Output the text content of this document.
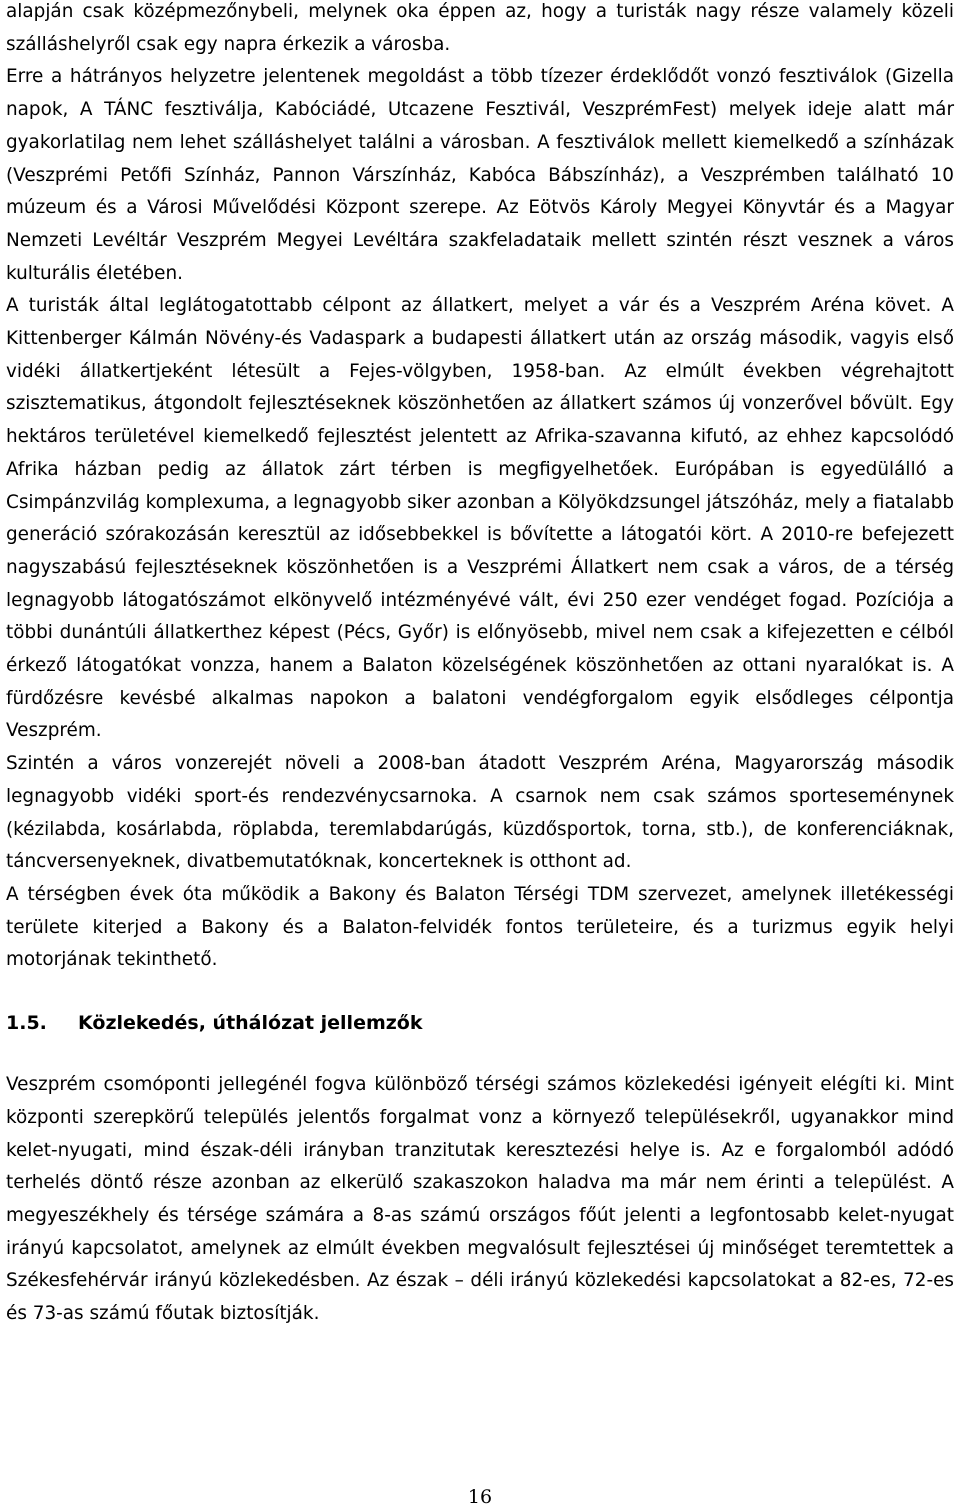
alapján csak középmezőnybeli, melynek oka éppen az, hogy a turisták nagy része valamely közeli szálláshelyről csak egy napra érkezik a városba.

Erre a hátrányos helyzetre jelentenek megoldást a több tízezer érdeklődőt vonzó fesztiválok (Gizella napok, A TÁNC fesztiválja, Kabóciádé, Utcazene Fesztivál, VeszprémFest) melyek ideje alatt már gyakorlatilag nem lehet szálláshelyet találni a városban. A fesztiválok mellett kiemelkedő a színházak (Veszprémi Petőfi Színház, Pannon Várszínház, Kabóca Bábszínház), a Veszprémben található 10 múzeum és a Városi Művelődési Központ szerepe. Az Eötvös Károly Megyei Könyvtár és a Magyar Nemzeti Levéltár Veszprém Megyei Levéltára szakfeladataik mellett szintén részt vesznek a város kulturális életében.

A turisták által leglátogatottabb célpont az állatkert, melyet a vár és a Veszprém Aréna követ. A Kittenberger Kálmán Növény-és Vadaspark a budapesti állatkert után az ország második, vagyis első vidéki állatkertjeként létesült a Fejes-völgyben, 1958-ban. Az elmúlt években végrehajtott szisztematikus, átgondolt fejlesztéseknek köszönhetően az állatkert számos új vonzerővel bővült. Egy hektáros területével kiemelkedő fejlesztést jelentett az Afrika-szavanna kifutó, az ehhez kapcsolódó Afrika házban pedig az állatok zárt térben is megfigyelhetőek. Európában is egyedülálló a Csimpánzvilág komplexuma, a legnagyobb siker azonban a Kölyökdzsungel játszóház, mely a fiatalabb generáció szórakozásán keresztül az idősebbekkel is bővítette a látogatói kört. A 2010-re befejezett nagyszabású fejlesztéseknek köszönhetően is a Veszprémi Állatkert nem csak a város, de a térség legnagyobb látogatószámot elkönyvelő intézményévé vált, évi 250 ezer vendéget fogad. Pozíciója a többi dunántúli állatkerthez képest (Pécs, Győr) is előnyösebb, mivel nem csak a kifejezetten e célból érkező látogatókat vonzza, hanem a Balaton közelségének köszönhetően az ottani nyaralókat is. A fürdőzésre kevésbé alkalmas napokon a balatoni vendégforgalom egyik elsődleges célpontja Veszprém.

Szintén a város vonzerejét növeli a 2008-ban átadott Veszprém Aréna, Magyarország második legnagyobb vidéki sport-és rendezvénycsarnoka. A csarnok nem csak számos sporteseménynek (kézilabda, kosárlabda, röplabda, teremlabdarúgás, küzdősportok, torna, stb.), de konferenciáknak, táncversenyeknek, divatbemutatóknak, koncerteknek is otthont ad.

A térségben évek óta működik a Bakony és Balaton Térségi TDM szervezet, amelynek illetékességi területe kiterjed a Bakony és a Balaton-felvidék fontos területeire, és a turizmus egyik helyi motorjának tekinthető.

1.5.	Közlekedés, úthálózat jellemzők

Veszprém csomóponti jellegénél fogva különböző térségi számos közlekedési igényeit elégíti ki. Mint központi szerepkörű település jelentős forgalmat vonz a környező településekről, ugyanakkor mind kelet-nyugati, mind észak-déli irányban tranzitutak keresztezési helye is. Az e forgalomból adódó terhelés döntő része azonban az elkerülő szakaszokon haladva ma már nem érinti a települést. A megyeszékhely és térsége számára a 8-as számú országos főút jelenti a legfontosabb kelet-nyugat irányú kapcsolatot, amelynek az elmúlt években megvalósult fejlesztései új minőséget teremtettek a Székesfehérvár irányú közlekedésben. Az észak – déli irányú közlekedési kapcsolatokat a 82-es, 72-es és 73-as számú főutak biztosítják.

16
